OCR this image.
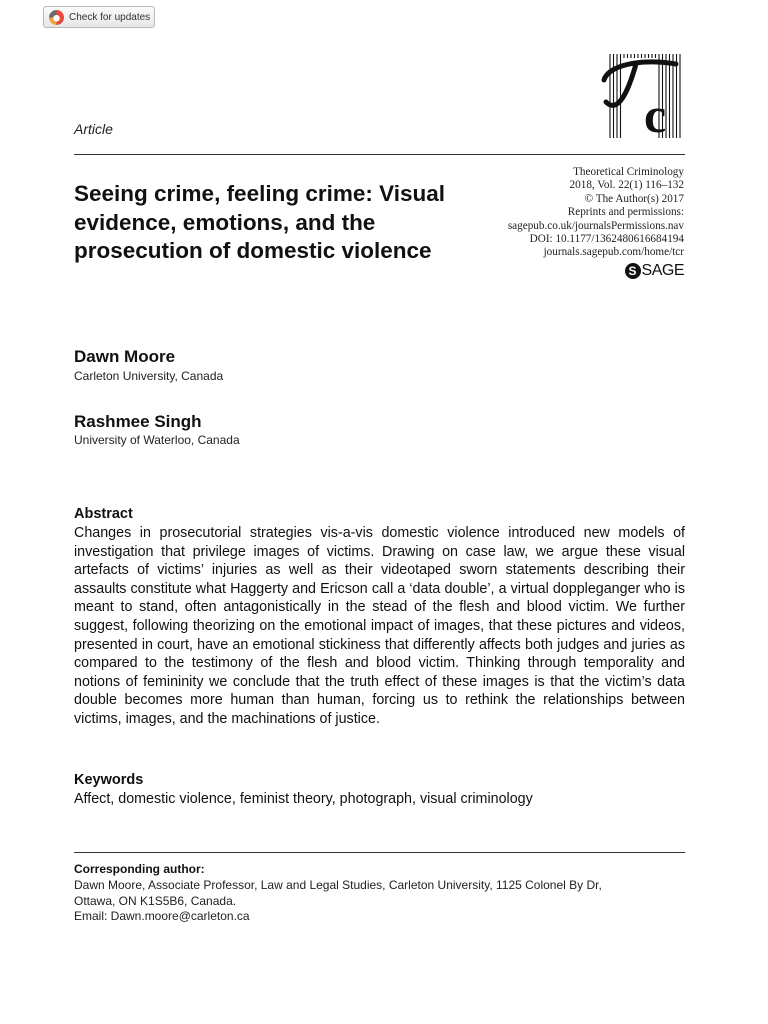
Check for updates
c
Article
Theoretical Criminology
2018, Vol. 22(1) 116–132
© The Author(s) 2017
Reprints and permissions:
sagepub.co.uk/journalsPermissions.nav
DOI: 10.1177/1362480616684194
journals.sagepub.com/home/tcr
S SAGE
Seeing crime, feeling crime: Visual evidence, emotions, and the prosecution of domestic violence
Dawn Moore
Carleton University, Canada
Rashmee Singh
University of Waterloo, Canada
Abstract

Changes in prosecutorial strategies vis-a-vis domestic violence introduced new models of investigation that privilege images of victims. Drawing on case law, we argue these visual artefacts of victims’ injuries as well as their videotaped sworn statements describing their assaults constitute what Haggerty and Ericson call a ‘data double’, a virtual doppleganger who is meant to stand, often antagonistically in the stead of the flesh and blood victim. We further suggest, following theorizing on the emotional impact of images, that these pictures and videos, presented in court, have an emotional stickiness that differently affects both judges and juries as compared to the testimony of the flesh and blood victim. Thinking through temporality and notions of femininity we conclude that the truth effect of these images is that the victim’s data double becomes more human than human, forcing us to rethink the relationships between victims, images, and the machinations of justice.

Keywords
Affect, domestic violence, feminist theory, photograph, visual criminology
Corresponding author:
Dawn Moore, Associate Professor, Law and Legal Studies, Carleton University, 1125 Colonel By Dr,
Ottawa, ON K1S5B6, Canada.
Email: Dawn.moore@carleton.ca
